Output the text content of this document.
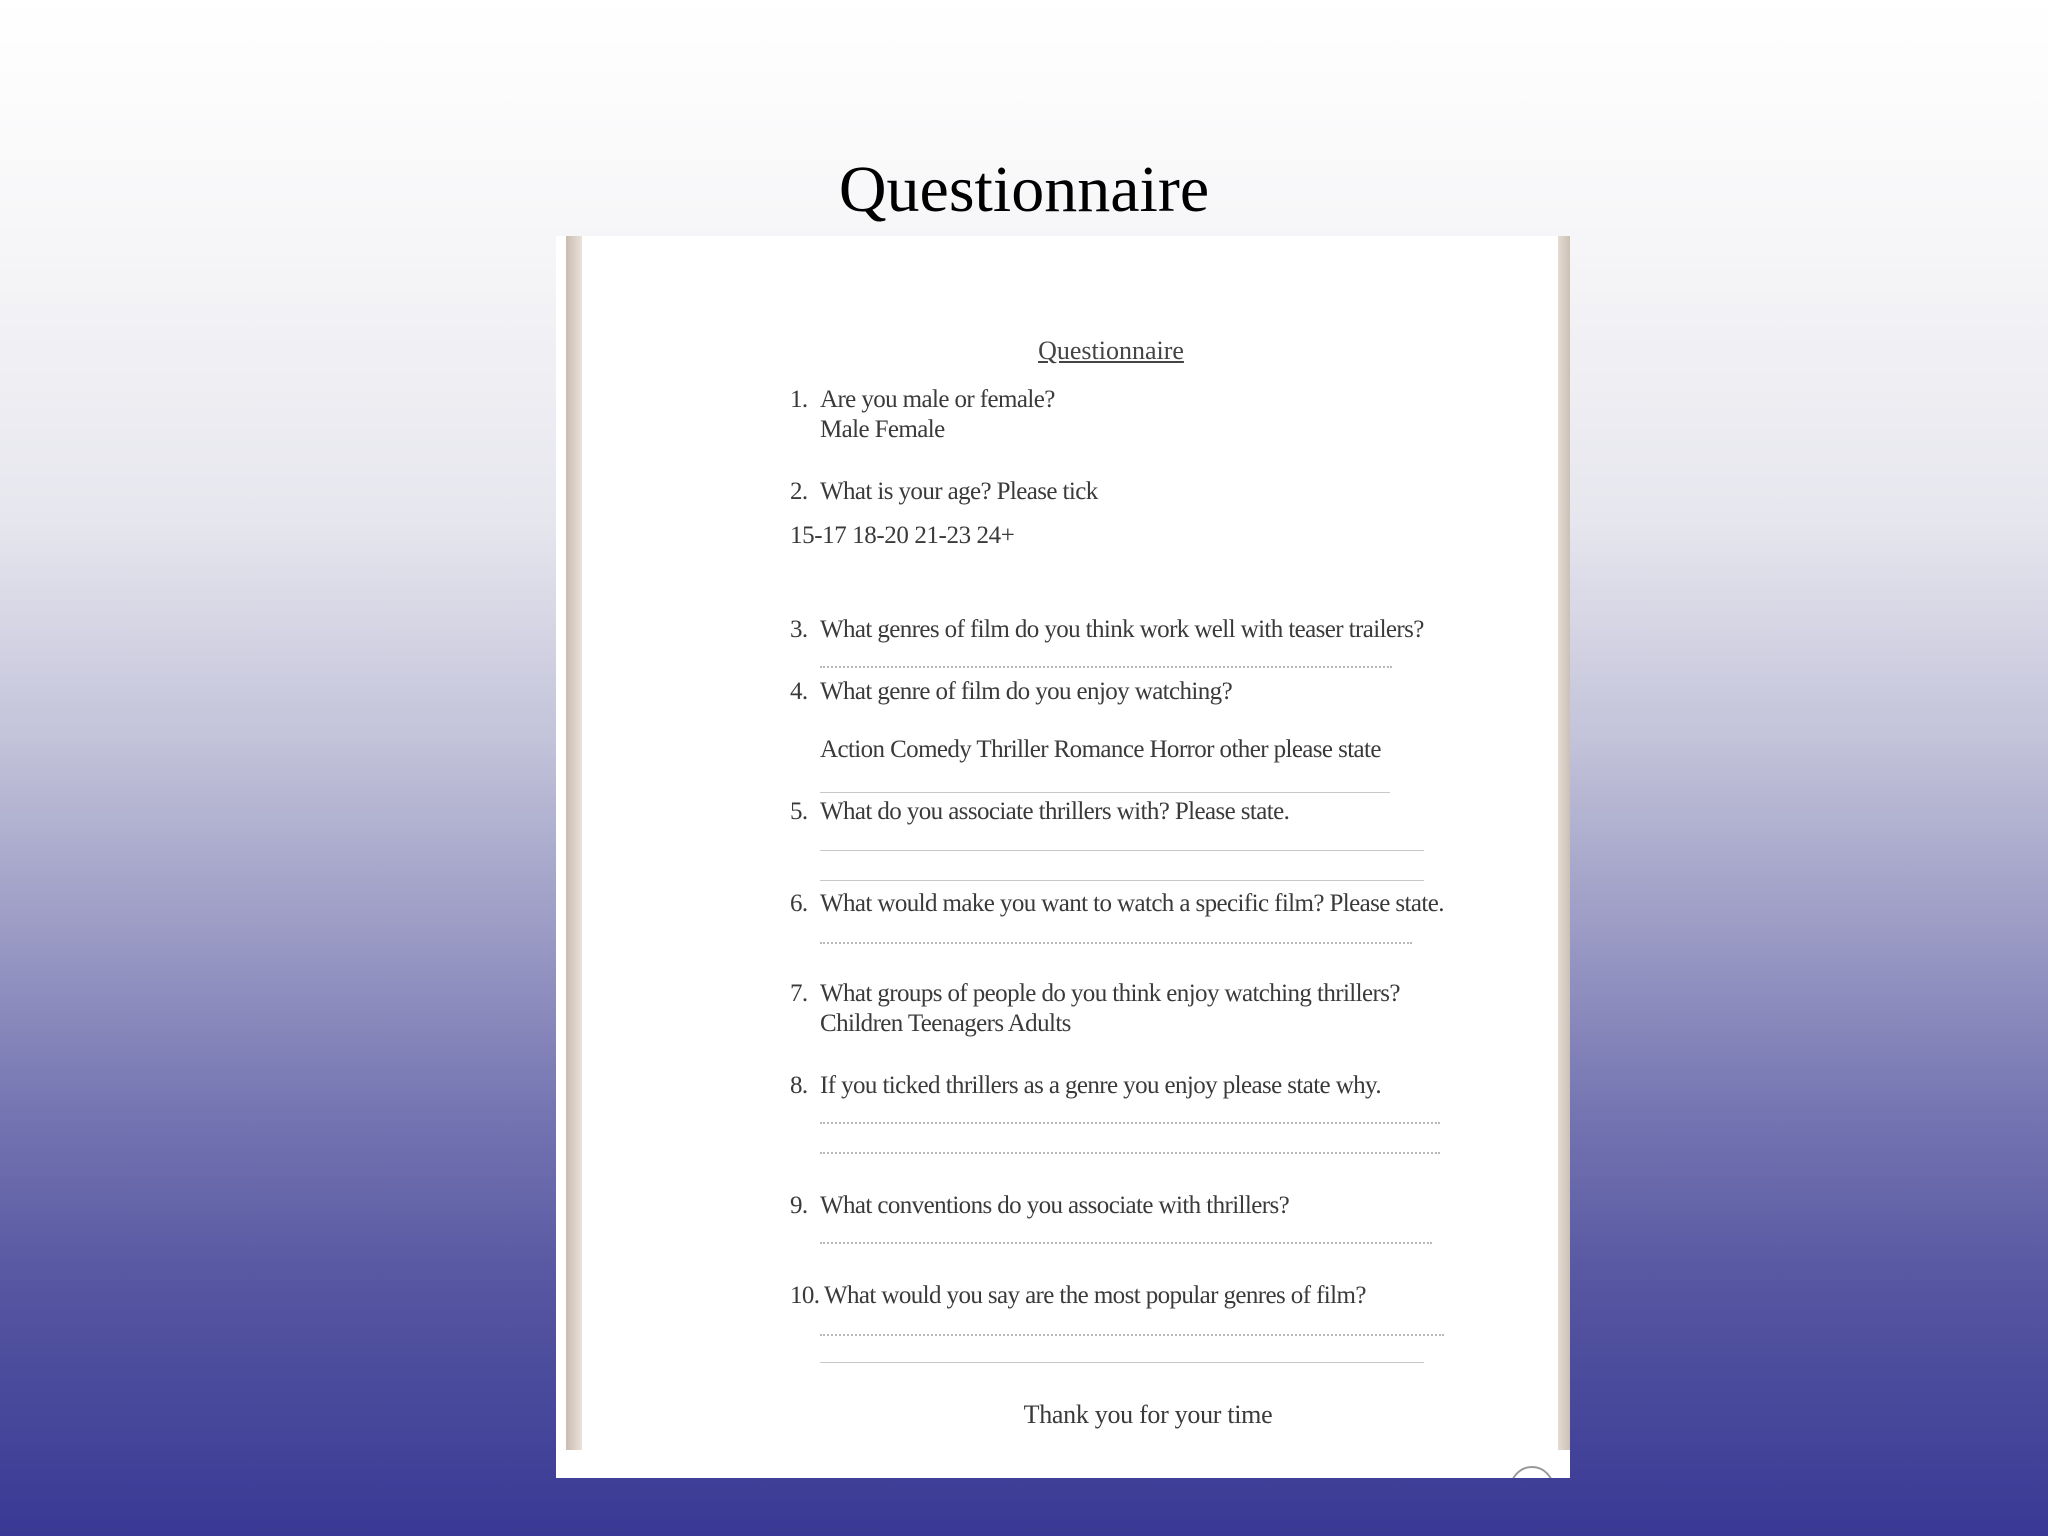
Questionnaire
Questionnaire
1. Are you male or female?
Male Female
2. What is your age? Please tick
15-17 18-20 21-23 24+
3. What genres of film do you think work well with teaser trailers?
4. What genre of film do you enjoy watching?
Action Comedy Thriller Romance Horror other please state
5. What do you associate thrillers with? Please state.
6. What would make you want to watch a specific film? Please state.
7. What groups of people do you think enjoy watching thrillers?
Children Teenagers Adults
8. If you ticked thrillers as a genre you enjoy please state why.
9. What conventions do you associate with thrillers?
10. What would you say are the most popular genres of film?
Thank you for your time
